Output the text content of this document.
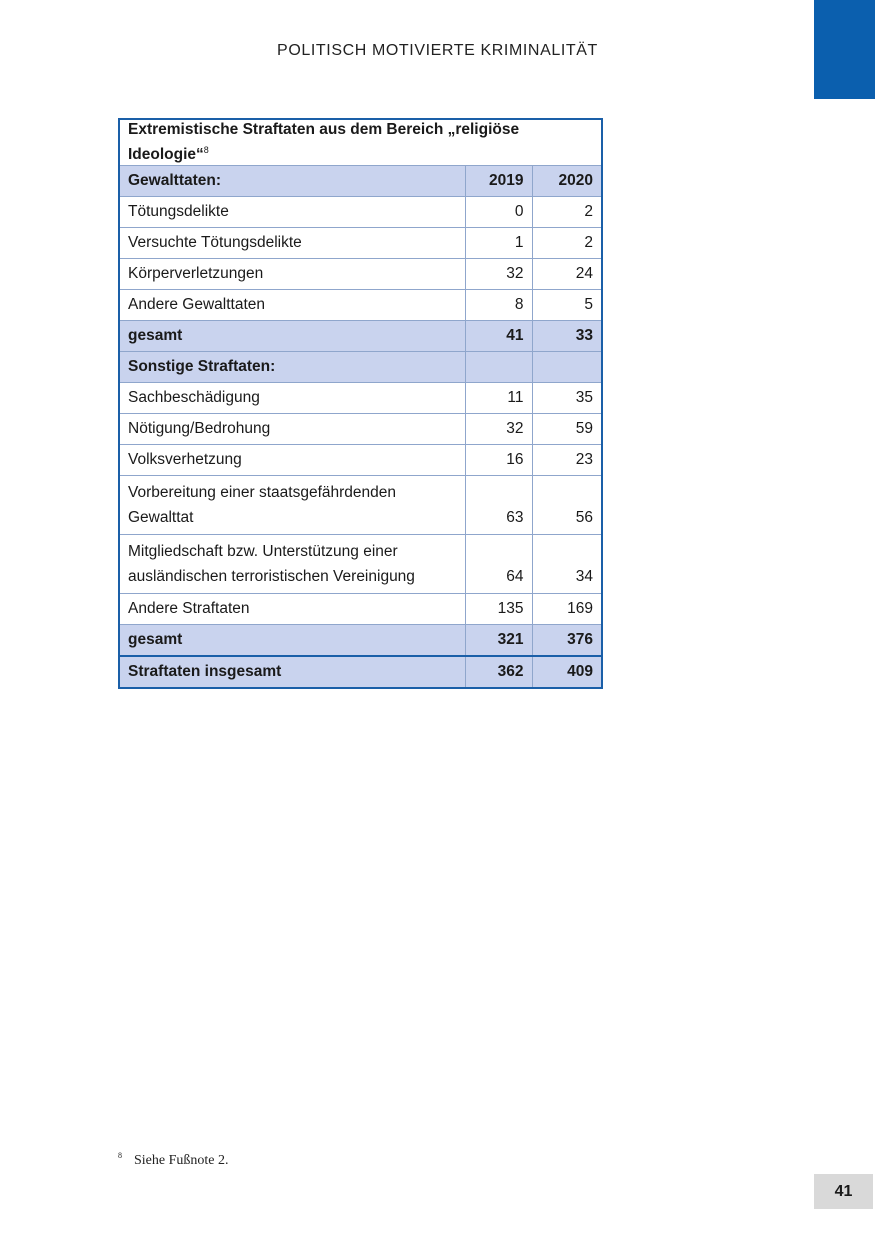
POLITISCH MOTIVIERTE KRIMINALITÄT
Extremistische Straftaten aus dem Bereich „religiöse Ideologie“$^8$
Gewalttaten:	2019	2020
Tötungsdelikte	0	2
Versuchte Tötungsdelikte	1	2
Körperverletzungen	32	24
Andere Gewalttaten	8	5
gesamt	41	33
Sonstige Straftaten:		
Sachbeschädigung	11	35
Nötigung/Bedrohung	32	59
Volksverhetzung	16	23
Vorbereitung einer staatsgefährdenden
Gewalttat	63	56
Mitgliedschaft bzw. Unterstützung einer
ausländischen terroristischen Vereinigung	64	34
Andere Straftaten	135	169
gesamt	321	376
Straftaten insgesamt	362	409
$^8$ Siehe Fußnote 2.
41
